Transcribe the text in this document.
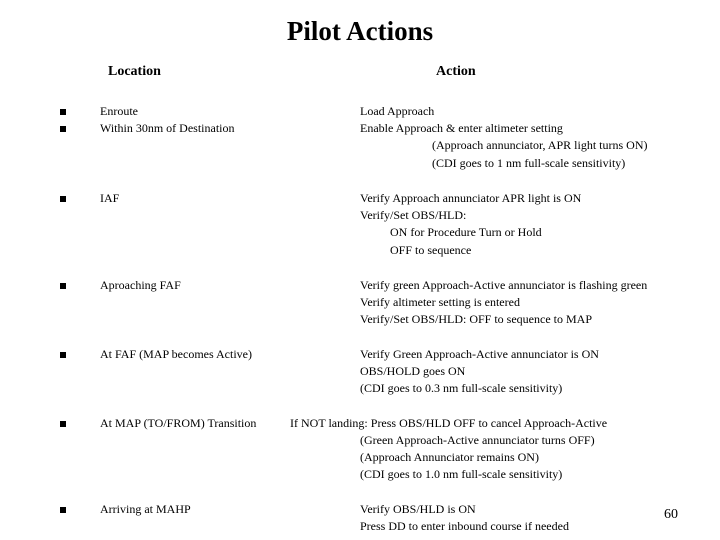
Pilot Actions
Location	Action
Enroute
Within 30nm of Destination
IAF
Aproaching FAF
At FAF (MAP becomes Active)
At MAP (TO/FROM) Transition
Arriving at MAHP
Load Approach
Enable Approach & enter altimeter setting
(Approach annunciator, APR light turns ON)
(CDI goes to 1 nm full-scale sensitivity)
Verify Approach annunciator APR light is ON
Verify/Set OBS/HLD:
ON for Procedure Turn or Hold
OFF to sequence
Verify green Approach-Active annunciator is flashing green
Verify altimeter setting is entered
Verify/Set OBS/HLD: OFF to sequence to MAP
Verify Green Approach-Active annunciator is ON
OBS/HOLD goes ON
(CDI goes to 0.3 nm full-scale sensitivity)
If NOT landing: Press OBS/HLD OFF to cancel Approach-Active
(Green Approach-Active annunciator turns OFF)
(Approach Annunciator remains ON)
(CDI goes to 1.0 nm full-scale sensitivity)
Verify OBS/HLD is ON
Press DD to enter inbound course if needed
60
